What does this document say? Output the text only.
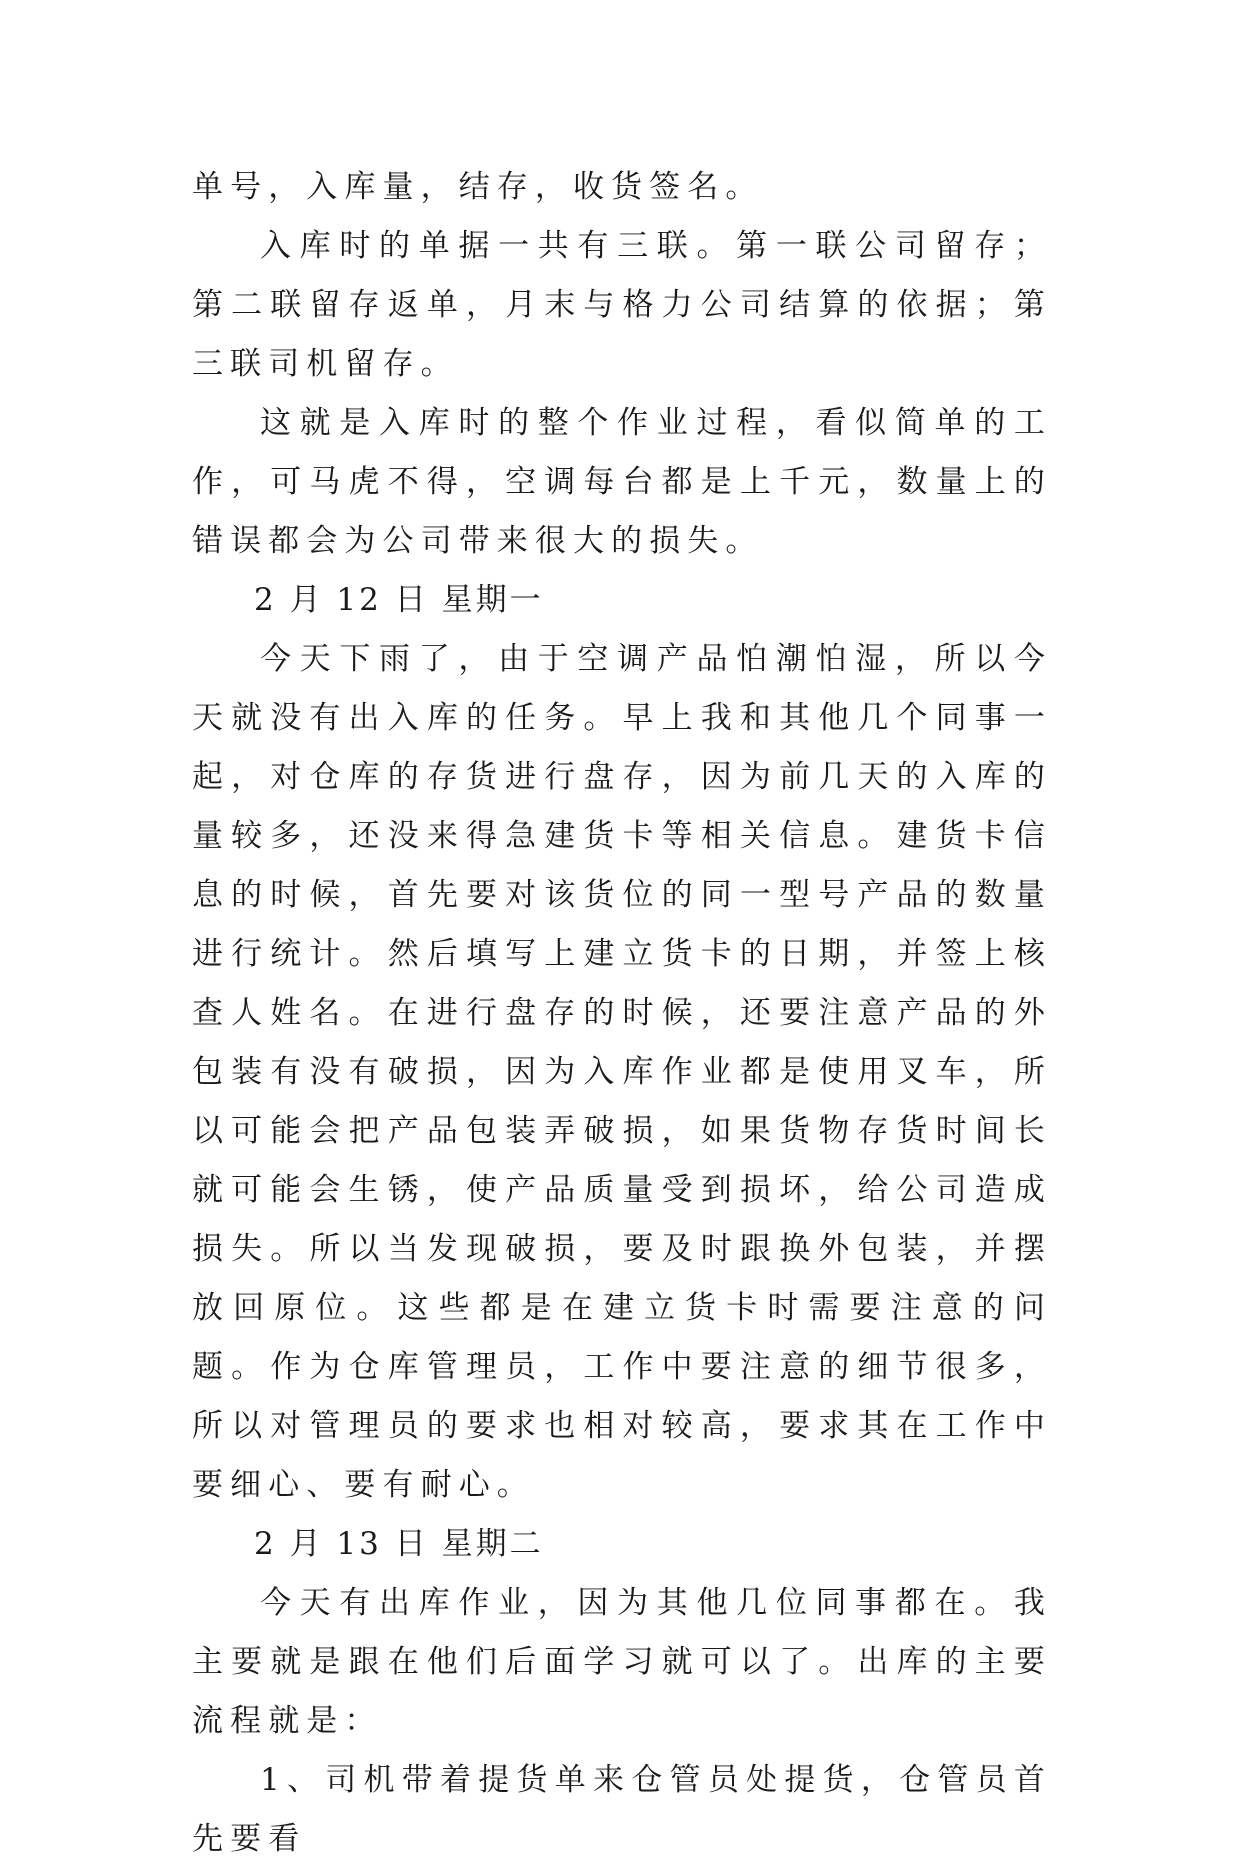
单号，入库量，结存，收货签名。

入库时的单据一共有三联。第一联公司留存；第二联留存返单，月末与格力公司结算的依据；第三联司机留存。

这就是入库时的整个作业过程，看似简单的工作，可马虎不得，空调每台都是上千元，数量上的错误都会为公司带来很大的损失。

2 月 12 日 星期一

今天下雨了，由于空调产品怕潮怕湿，所以今天就没有出入库的任务。早上我和其他几个同事一起，对仓库的存货进行盘存，因为前几天的入库的量较多，还没来得急建货卡等相关信息。建货卡信息的时候，首先要对该货位的同一型号产品的数量进行统计。然后填写上建立货卡的日期，并签上核查人姓名。在进行盘存的时候，还要注意产品的外包装有没有破损，因为入库作业都是使用叉车，所以可能会把产品包装弄破损，如果货物存货时间长就可能会生锈，使产品质量受到损坏，给公司造成损失。所以当发现破损，要及时跟换外包装，并摆放回原位。这些都是在建立货卡时需要注意的问题。作为仓库管理员，工作中要注意的细节很多，所以对管理员的要求也相对较高，要求其在工作中要细心、要有耐心。

2 月 13 日 星期二

今天有出库作业，因为其他几位同事都在。我主要就是跟在他们后面学习就可以了。出库的主要流程就是：

1、司机带着提货单来仓管员处提货，仓管员首先要看
